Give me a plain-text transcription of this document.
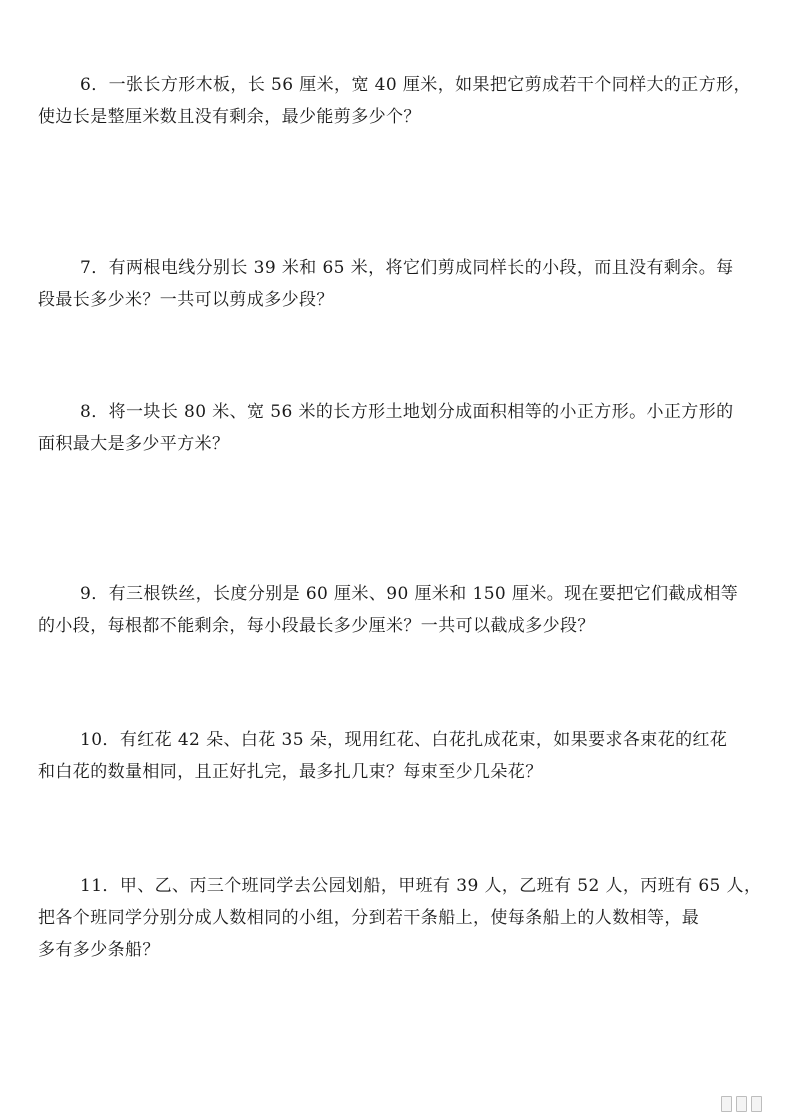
6．一张长方形木板，长 56 厘米，宽 40 厘米，如果把它剪成若干个同样大的正方形，
使边长是整厘米数且没有剩余，最少能剪多少个？
7．有两根电线分别长 39 米和 65 米，将它们剪成同样长的小段，而且没有剩余。每
段最长多少米？一共可以剪成多少段？
8．将一块长 80 米、宽 56 米的长方形土地划分成面积相等的小正方形。小正方形的
面积最大是多少平方米？
9．有三根铁丝，长度分别是 60 厘米、90 厘米和 150 厘米。现在要把它们截成相等
的小段，每根都不能剩余，每小段最长多少厘米？一共可以截成多少段？
10．有红花 42 朵、白花 35 朵，现用红花、白花扎成花束，如果要求各束花的红花
和白花的数量相同，且正好扎完，最多扎几束？每束至少几朵花？
11．甲、乙、丙三个班同学去公园划船，甲班有 39 人，乙班有 52 人，丙班有 65 人，
把各个班同学分别分成人数相同的小组，分到若干条船上，使每条船上的人数相等，最
多有多少条船？
